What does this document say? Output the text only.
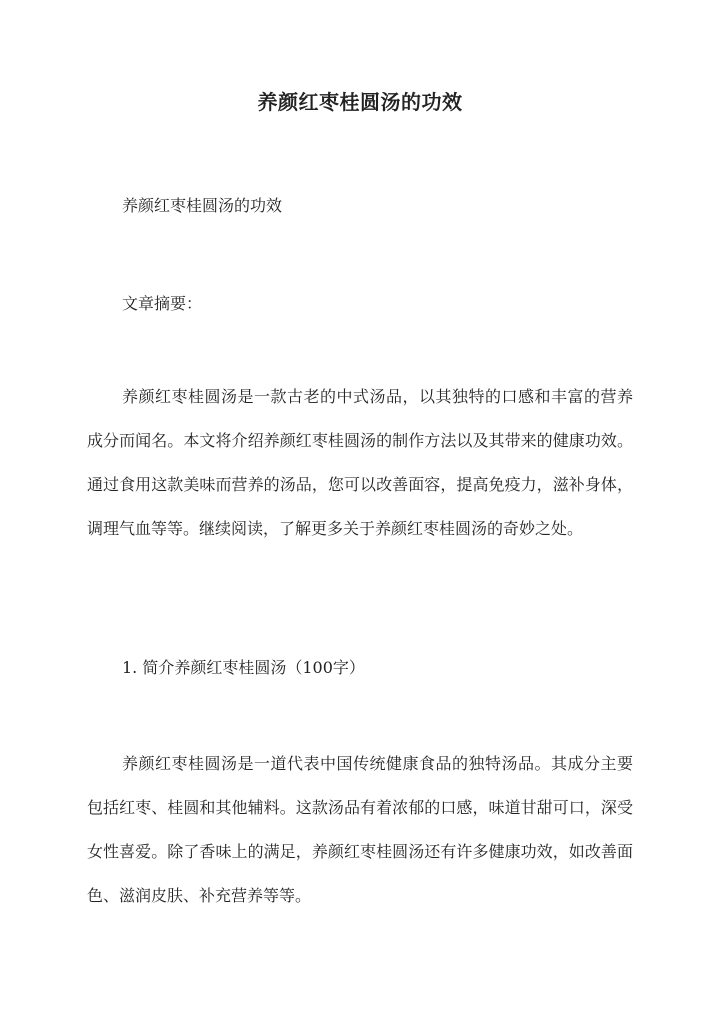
养颜红枣桂圆汤的功效
养颜红枣桂圆汤的功效
文章摘要：
养颜红枣桂圆汤是一款古老的中式汤品，以其独特的口感和丰富的营养成分而闻名。本文将介绍养颜红枣桂圆汤的制作方法以及其带来的健康功效。通过食用这款美味而营养的汤品，您可以改善面容，提高免疫力，滋补身体，调理气血等等。继续阅读，了解更多关于养颜红枣桂圆汤的奇妙之处。
1. 简介养颜红枣桂圆汤（100字）
养颜红枣桂圆汤是一道代表中国传统健康食品的独特汤品。其成分主要包括红枣、桂圆和其他辅料。这款汤品有着浓郁的口感，味道甘甜可口，深受女性喜爱。除了香味上的满足，养颜红枣桂圆汤还有许多健康功效，如改善面色、滋润皮肤、补充营养等等。
